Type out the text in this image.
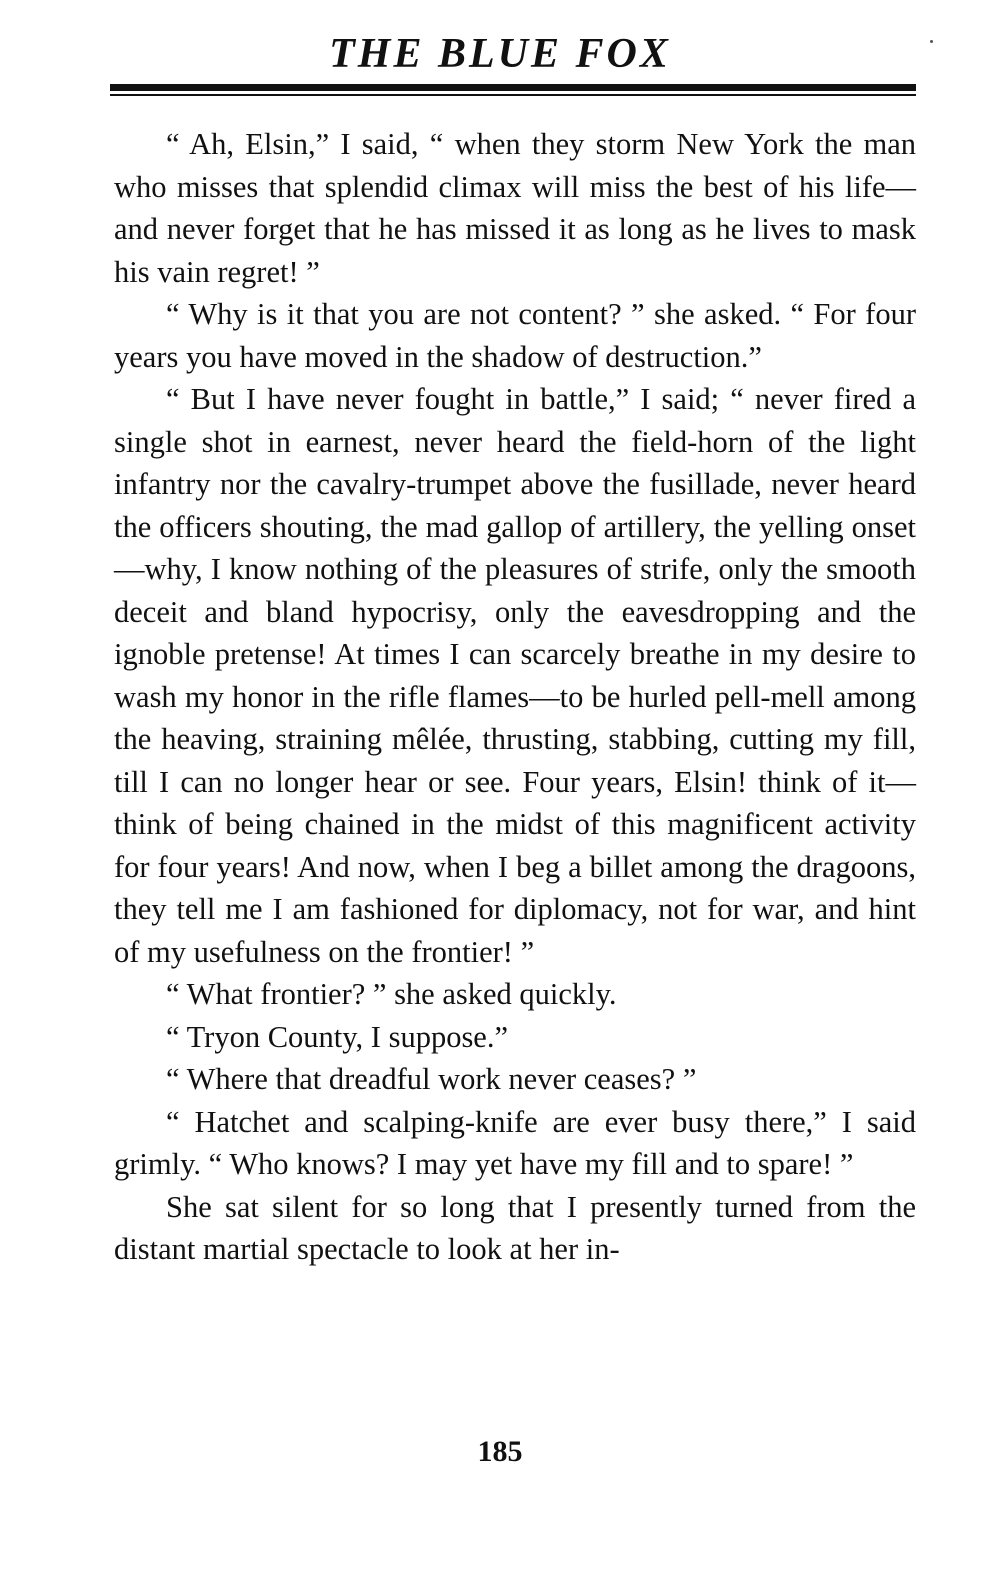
THE BLUE FOX

“ Ah, Elsin,” I said, “ when they storm New York the man who misses that splendid climax will miss the best of his life—and never forget that he has missed it as long as he lives to mask his vain regret! ”

“ Why is it that you are not content? ” she asked. “ For four years you have moved in the shadow of destruction.”

“ But I have never fought in battle,” I said; “ never fired a single shot in earnest, never heard the field-horn of the light infantry nor the cavalry-trumpet above the fusillade, never heard the officers shouting, the mad gallop of artillery, the yelling onset—why, I know nothing of the pleasures of strife, only the smooth deceit and bland hypocrisy, only the eavesdropping and the ignoble pretense! At times I can scarcely breathe in my desire to wash my honor in the rifle flames—to be hurled pell-mell among the heaving, straining mêlée, thrusting, stabbing, cutting my fill, till I can no longer hear or see. Four years, Elsin! think of it—think of being chained in the midst of this magnificent activity for four years! And now, when I beg a billet among the dragoons, they tell me I am fashioned for diplomacy, not for war, and hint of my usefulness on the frontier! ”

“ What frontier? ” she asked quickly.

“ Tryon County, I suppose.”

“ Where that dreadful work never ceases? ”

“ Hatchet and scalping-knife are ever busy there,” I said grimly. “ Who knows? I may yet have my fill and to spare! ”

She sat silent for so long that I presently turned from the distant martial spectacle to look at her in-

185
